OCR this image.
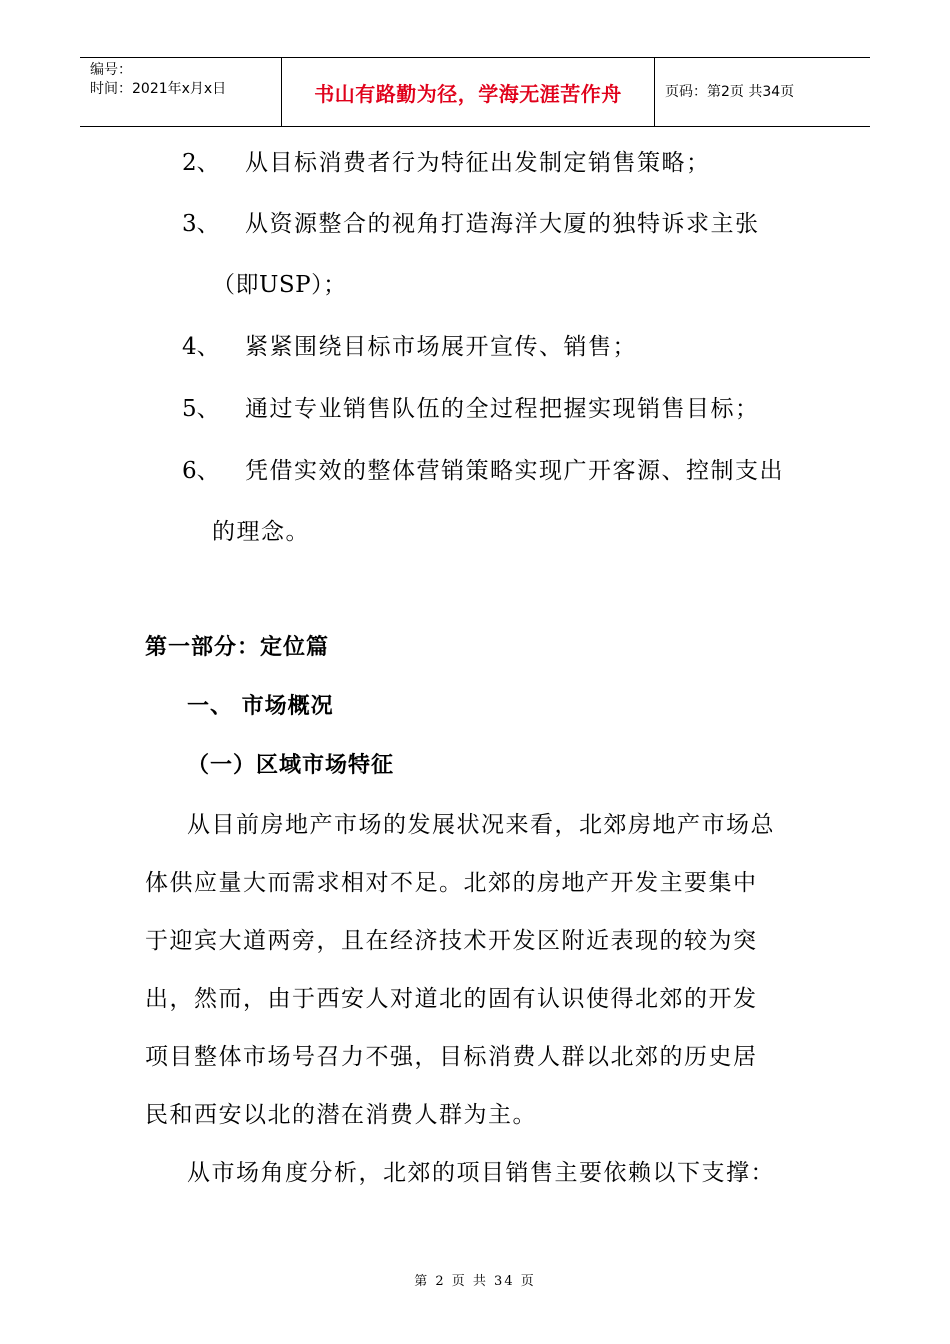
编号：
时间：2021年x月x日	书山有路勤为径，学海无涯苦作舟	页码：第2页 共34页
2、 从目标消费者行为特征出发制定销售策略；
3、 从资源整合的视角打造海洋大厦的独特诉求主张
（即USP）；
4、 紧紧围绕目标市场展开宣传、销售；
5、 通过专业销售队伍的全过程把握实现销售目标；
6、 凭借实效的整体营销策略实现广开客源、控制支出
的理念。
第一部分：定位篇
一、 市场概况
（一）区域市场特征
从目前房地产市场的发展状况来看，北郊房地产市场总
体供应量大而需求相对不足。北郊的房地产开发主要集中
于迎宾大道两旁，且在经济技术开发区附近表现的较为突
出，然而，由于西安人对道北的固有认识使得北郊的开发
项目整体市场号召力不强，目标消费人群以北郊的历史居
民和西安以北的潜在消费人群为主。
从市场角度分析，北郊的项目销售主要依赖以下支撑：
第 2 页 共 34 页
